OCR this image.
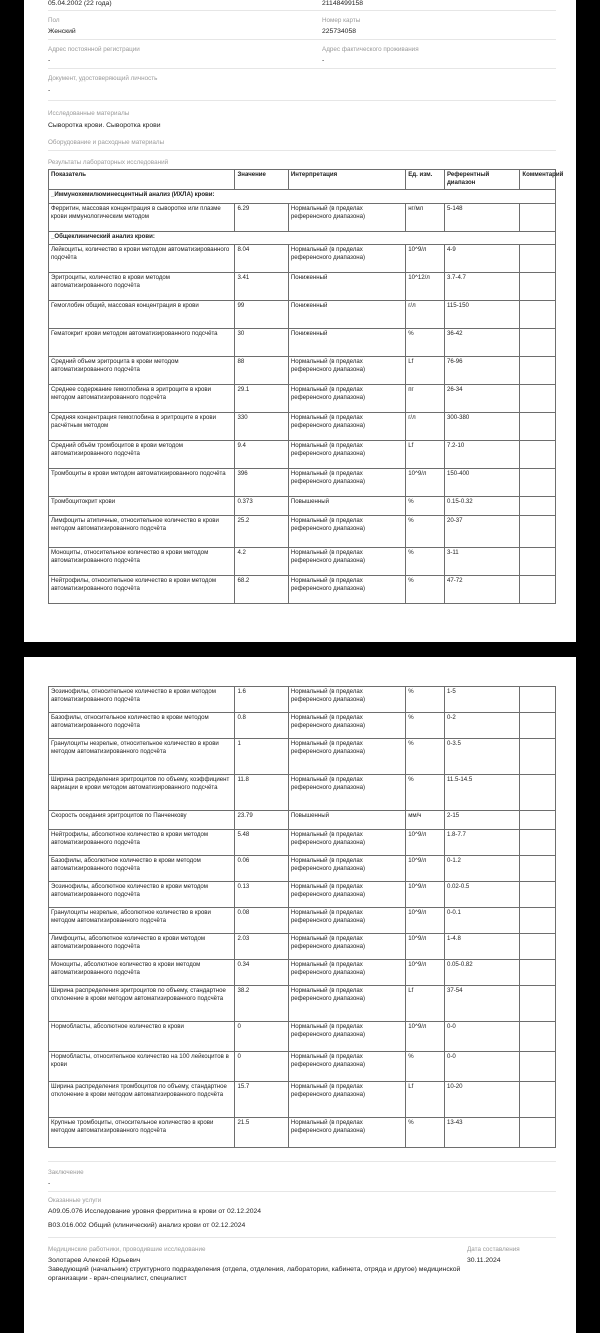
05.04.2002 (22 года)	21148499158
Пол
Женский
Номер карты
225734058
Адрес постоянной регистрации
-
Адрес фактического проживания
-
Документ, удостоверяющий личность
-
Исследованные материалы
Сыворотка крови. Сыворотка крови
Оборудование и расходные материалы
Результаты лабораторных исследований
Показатель	Значение	Интерпретация	Ед. изм.	Референтный диапазон	Комментарий
_Иммунохемилюминесцентный анализ (ИХЛА) крови:					
Ферритин, массовая концентрация в сыворотке или плазме крови иммунологическим методом	6.29	Нормальный (в пределах референсного диапазона)	нг/мл	5-148	
_Общеклинический анализ крови:					
Лейкоциты, количество в крови методом автоматизированного подсчёта	8.04	Нормальный (в пределах референсного диапазона)	10^9/л	4-9	
Эритроциты, количество в крови методом автоматизированного подсчёта	3.41	Пониженный	10^12/л	3.7-4.7	
Гемоглобин общий, массовая концентрация в крови	99	Пониженный	г/л	115-150	
Гематокрит крови методом автоматизированного подсчёта	30	Пониженный	%	36-42	
Средний объем эритроцита в крови методом автоматизированного подсчёта	88	Нормальный (в пределах референсного диапазона)	Lf	76-96	
Среднее содержание гемоглобина в эритроците в крови методом автоматизированного подсчёта	29.1	Нормальный (в пределах референсного диапазона)	пг	26-34	
Средняя концентрация гемоглобина в эритроците в крови расчётным методом	330	Нормальный (в пределах референсного диапазона)	г/л	300-380	
Средний объём тромбоцитов в крови методом автоматизированного подсчёта	9.4	Нормальный (в пределах референсного диапазона)	Lf	7.2-10	
Тромбоциты в крови методом автоматизированного подсчёта	396	Нормальный (в пределах референсного диапазона)	10^9/л	150-400	
Тромбоцитокрит крови	0.373	Повышенный	%	0.15-0.32	
Лимфоциты атипичные, относительное количество в крови методом автоматизированного подсчёта	25.2	Нормальный (в пределах референсного диапазона)	%	20-37	
Моноциты, относительное количество в крови методом автоматизированного подсчёта	4.2	Нормальный (в пределах референсного диапазона)	%	3-11	
Нейтрофилы, относительное количество в крови методом автоматизированного подсчёта	68.2	Нормальный (в пределах референсного диапазона)	%	47-72	
Эозинофилы, относительное количество в крови методом автоматизированного подсчёта	1.6	Нормальный (в пределах референсного диапазона)	%	1-5	
Базофилы, относительное количество в крови методом автоматизированного подсчёта	0.8	Нормальный (в пределах референсного диапазона)	%	0-2	
Гранулоциты незрелые, относительное количество в крови методом автоматизированного подсчёта	1	Нормальный (в пределах референсного диапазона)	%	0-3.5	
Ширина распределения эритроцитов по объему, коэффициент вариации в крови методом автоматизированного подсчёта	11.8	Нормальный (в пределах референсного диапазона)	%	11.5-14.5	
Скорость оседания эритроцитов по Панченкову	23.79	Повышенный	мм/ч	2-15	
Нейтрофилы, абсолютное количество в крови методом автоматизированного подсчёта	5.48	Нормальный (в пределах референсного диапазона)	10^9/л	1.8-7.7	
Базофилы, абсолютное количество в крови методом автоматизированного подсчёта	0.06	Нормальный (в пределах референсного диапазона)	10^9/л	0-1.2	
Эозинофилы, абсолютное количество в крови методом автоматизированного подсчёта	0.13	Нормальный (в пределах референсного диапазона)	10^9/л	0.02-0.5	
Гранулоциты незрелые, абсолютное количество в крови методом автоматизированного подсчёта	0.08	Нормальный (в пределах референсного диапазона)	10^9/л	0-0.1	
Лимфоциты, абсолютное количество в крови методом автоматизированного подсчёта	2.03	Нормальный (в пределах референсного диапазона)	10^9/л	1-4.8	
Моноциты, абсолютное количество в крови методом автоматизированного подсчёта	0.34	Нормальный (в пределах референсного диапазона)	10^9/л	0.05-0.82	
Ширина распределения эритроцитов по объему, стандартное отклонение в крови методом автоматизированного подсчёта	38.2	Нормальный (в пределах референсного диапазона)	Lf	37-54	
Нормобласты, абсолютное количество в крови	0	Нормальный (в пределах референсного диапазона)	10^9/л	0-0	
Нормобласты, относительное количество на 100 лейкоцитов в крови	0	Нормальный (в пределах референсного диапазона)	%	0-0	
Ширина распределения тромбоцитов по объему, стандартное отклонение в крови методом автоматизированного подсчёта	15.7	Нормальный (в пределах референсного диапазона)	Lf	10-20	
Крупные тромбоциты, относительное количество в крови методом автоматизированного подсчёта	21.5	Нормальный (в пределах референсного диапазона)	%	13-43	
Заключение
-
Оказанные услуги
A09.05.076 Исследование уровня ферритина в крови от 02.12.2024
B03.016.002 Общий (клинический) анализ крови от 02.12.2024
Медицинские работники, проводившие исследование
Золотарев Алексей Юрьевич
Заведующий (начальник) структурного подразделения (отдела, отделения, лаборатории, кабинета, отряда и другое) медицинской организации - врач-специалист, специалист
Дата составления
30.11.2024
